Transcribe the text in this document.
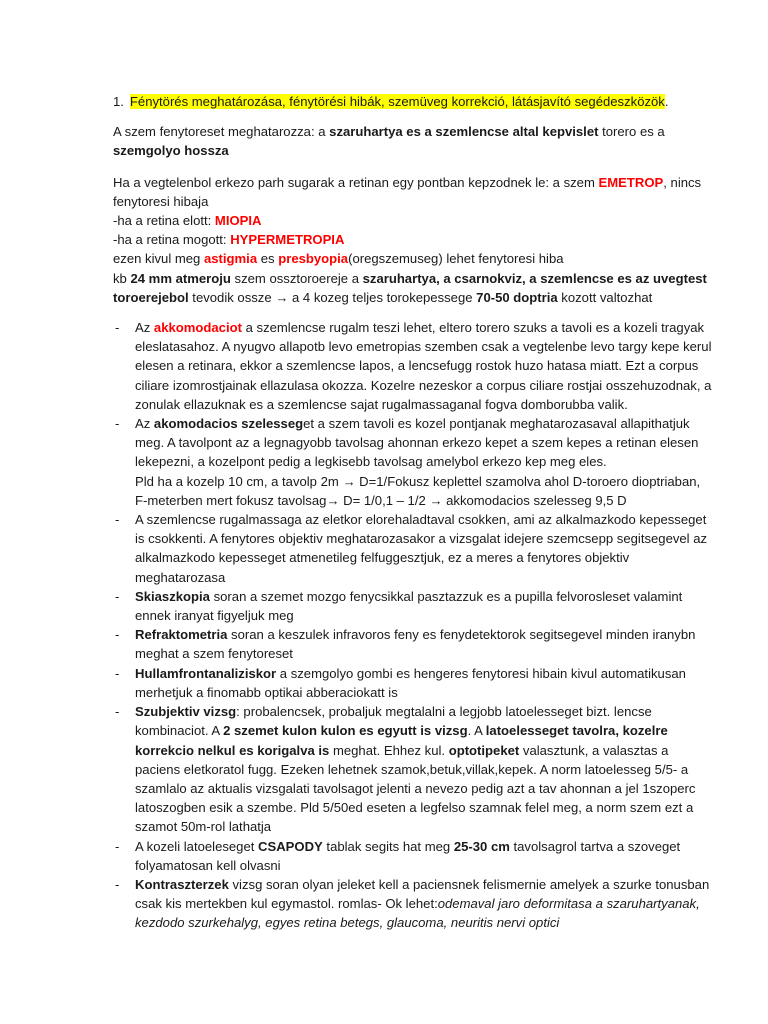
1. Fénytörés meghatározása, fénytörési hibák, szemüveg korrekció, látásjavító segédeszközök.

A szem fenytoreset meghatarozza: a szaruhartya es a szemlencse altal kepvislet torero es a szemgolyo hossza

Ha a vegtelenbol erkezo parh sugarak a retinan egy pontban kepzodnek le: a szem EMETROP, nincs fenytoresi hibaja

-ha a retina elott: MIOPIA

-ha a retina mogott: HYPERMETROPIA

ezen kivul meg astigmia es presbyopia(oregszemuseg) lehet fenytoresi hiba

kb 24 mm atmeroju szem osszt​oroereje a szaruhartya, a csarnokviz, a szemlencse es az uvegtest toroerejebol tevodik ossze → a 4 kozeg teljes torokepessege 70-50 doptria kozott valtozhat

- Az akkomodaciot a szemlencse rugalm teszi lehet, eltero torero szuks a tavoli es a kozeli tragyak eleslatasahoz. A nyugvo allapotb levo emetropias szemben csak a vegtelenbe levo targy kepe kerul elesen a retinara, ekkor a szemlencse lapos, a lencsefugg rostok huzo hatasa miatt. Ezt a corpus ciliare izomrostjainak ellazulasa okozza. Kozelre nezeskor a corpus ciliare rostjai osszehuzodnak, a zonulak ellazuknak es a szemlencse sajat rugalmassaganal fogva domborubba valik.
- Az akomodacios szelesseget a szem tavoli es kozel pontjanak meghatarozasaval allapithatjuk meg. A tavolpont az a legnagyobb tavolsag ahonnan erkezo kepet a szem kepes a retinan elesen lekepezni, a kozelpont pedig a legkisebb tavolsag amelybol erkezo kep meg eles.
Pld ha a kozelp 10 cm, a tavolp 2m → D=1/Fokusz keplettel szamolva ahol D-toroero dioptriaban, F-meterben mert fokusz tavolsag→ D= 1/0,1 – 1/2 → akkomodacios szelesseg 9,5 D
- A szemlencse rugalmassaga az eletkor elorehaladtaval csokken, ami az alkalmazkodo kepesseget is csokkenti. A fenytores objektiv meghatarozasakor a vizsgalat idejere szemcsepp segitsegevel az alkalmazkodo kepesseget atmenetileg felfuggesztjuk, ez a meres a fenytores objektiv meghatarozasa
- Skiaszkopia soran a szemet mozgo fenycsikkal pasztazzuk es a pupilla felvorosleset valamint ennek iranyat figyeljuk meg
- Refraktometria soran a keszulek infravoros feny es fenydetektorok segitsegevel minden iranybn meghat a szem fenytoreset
- Hullamfrontanaliziskor a szemgolyo gombi es hengeres fenytoresi hibain kivul automatikusan merhetjuk a finomabb optikai abberaciokatt is
- Szubjektiv vizsg: probalencsek, probaljuk megtalalni a legjobb latoelesseget bizt. lencse kombinaciot. A 2 szemet kulon kulon es egyutt is vizsg. A latoelesseget tavolra, kozelre korrekcio nelkul es korigalva is meghat. Ehhez kul. optotipeket valasztunk, a valasztas a paciens eletkoratol fugg. Ezeken lehetnek szamok,betuk,villak,kepek. A norm latoelesseg 5/5- a szamlalo az aktualis vizsgalati tavolsagot jelenti a nevezo pedig azt a tav ahonnan a jel 1szoperc latoszogben esik a szembe. Pld 5/50ed eseten a legfelso szamnak felel meg, a norm szem ezt a szamot 50m-rol lathatja
- A kozeli latoeleseget CSAPODY tablak segits hat meg 25-30 cm tavolsagrol tartva a szoveget folyamatosan kell olvasni
- Kontraszterzek vizsg soran olyan jeleket kell a paciensnek felismernie amelyek a szurke tonusban csak kis mertekben kul egymastol. romlas- Ok lehet:odemaval jaro deformitasa a szaruhartyanak, kezdodo szurkehalyg, egyes retina betegs, glaucoma, neuritis nervi optici
